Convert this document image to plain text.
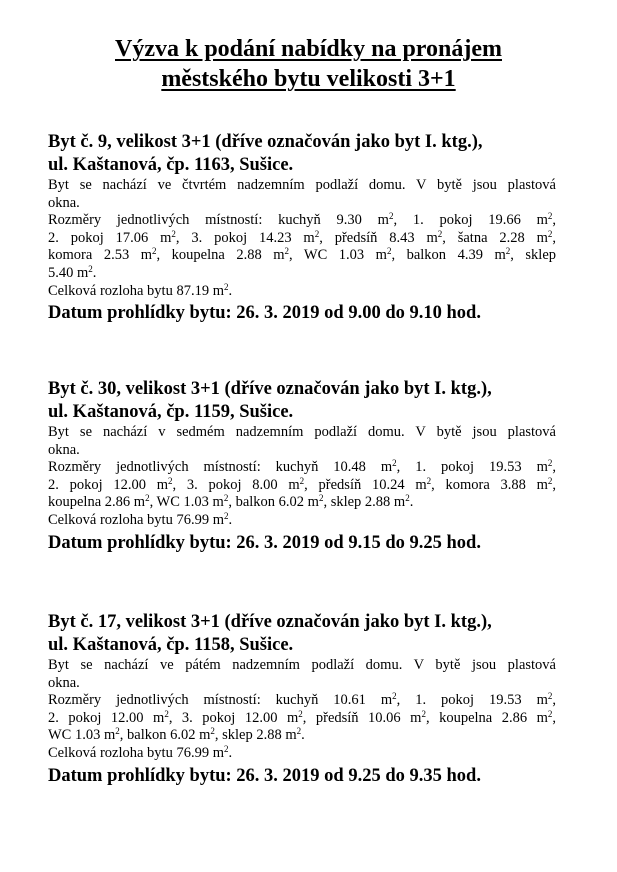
Výzva k podání nabídky na pronájem
městského bytu velikosti 3+1
Byt č. 9, velikost 3+1 (dříve označován jako byt I. ktg.),
ul. Kaštanová, čp. 1163, Sušice.
Byt se nachází ve čtvrtém nadzemním podlaží domu. V bytě jsou plastová
okna.
Rozměry jednotlivých místností: kuchyň 9.30 $m^2$, 1. pokoj 19.66 $m^2$,
2. pokoj 17.06 $m^2$, 3. pokoj 14.23 $m^2$, předsíň 8.43 $m^2$, šatna 2.28 $m^2$,
komora 2.53 $m^2$, koupelna 2.88 $m^2$, WC 1.03 $m^2$, balkon 4.39 $m^2$, sklep
5.40 $m^2$.
Celková rozloha bytu 87.19 $m^2$.
Datum prohlídky bytu: 26. 3. 2019 od 9.00 do 9.10 hod.
Byt č. 30, velikost 3+1 (dříve označován jako byt I. ktg.),
ul. Kaštanová, čp. 1159, Sušice.
Byt se nachází v sedmém nadzemním podlaží domu. V bytě jsou plastová
okna.
Rozměry jednotlivých místností: kuchyň 10.48 $m^2$, 1. pokoj 19.53 $m^2$,
2. pokoj 12.00 $m^2$, 3. pokoj 8.00 $m^2$, předsíň 10.24 $m^2$, komora 3.88 $m^2$,
koupelna 2.86 $m^2$, WC 1.03 $m^2$, balkon 6.02 $m^2$, sklep 2.88 $m^2$.
Celková rozloha bytu 76.99 $m^2$.
Datum prohlídky bytu: 26. 3. 2019 od 9.15 do 9.25 hod.
Byt č. 17, velikost 3+1 (dříve označován jako byt I. ktg.),
ul. Kaštanová, čp. 1158, Sušice.
Byt se nachází ve pátém nadzemním podlaží domu. V bytě jsou plastová
okna.
Rozměry jednotlivých místností: kuchyň 10.61 $m^2$, 1. pokoj 19.53 $m^2$,
2. pokoj 12.00 $m^2$, 3. pokoj 12.00 $m^2$, předsíň 10.06 $m^2$, koupelna 2.86 $m^2$,
WC 1.03 $m^2$, balkon 6.02 $m^2$, sklep 2.88 $m^2$.
Celková rozloha bytu 76.99 $m^2$.
Datum prohlídky bytu: 26. 3. 2019 od 9.25 do 9.35 hod.
